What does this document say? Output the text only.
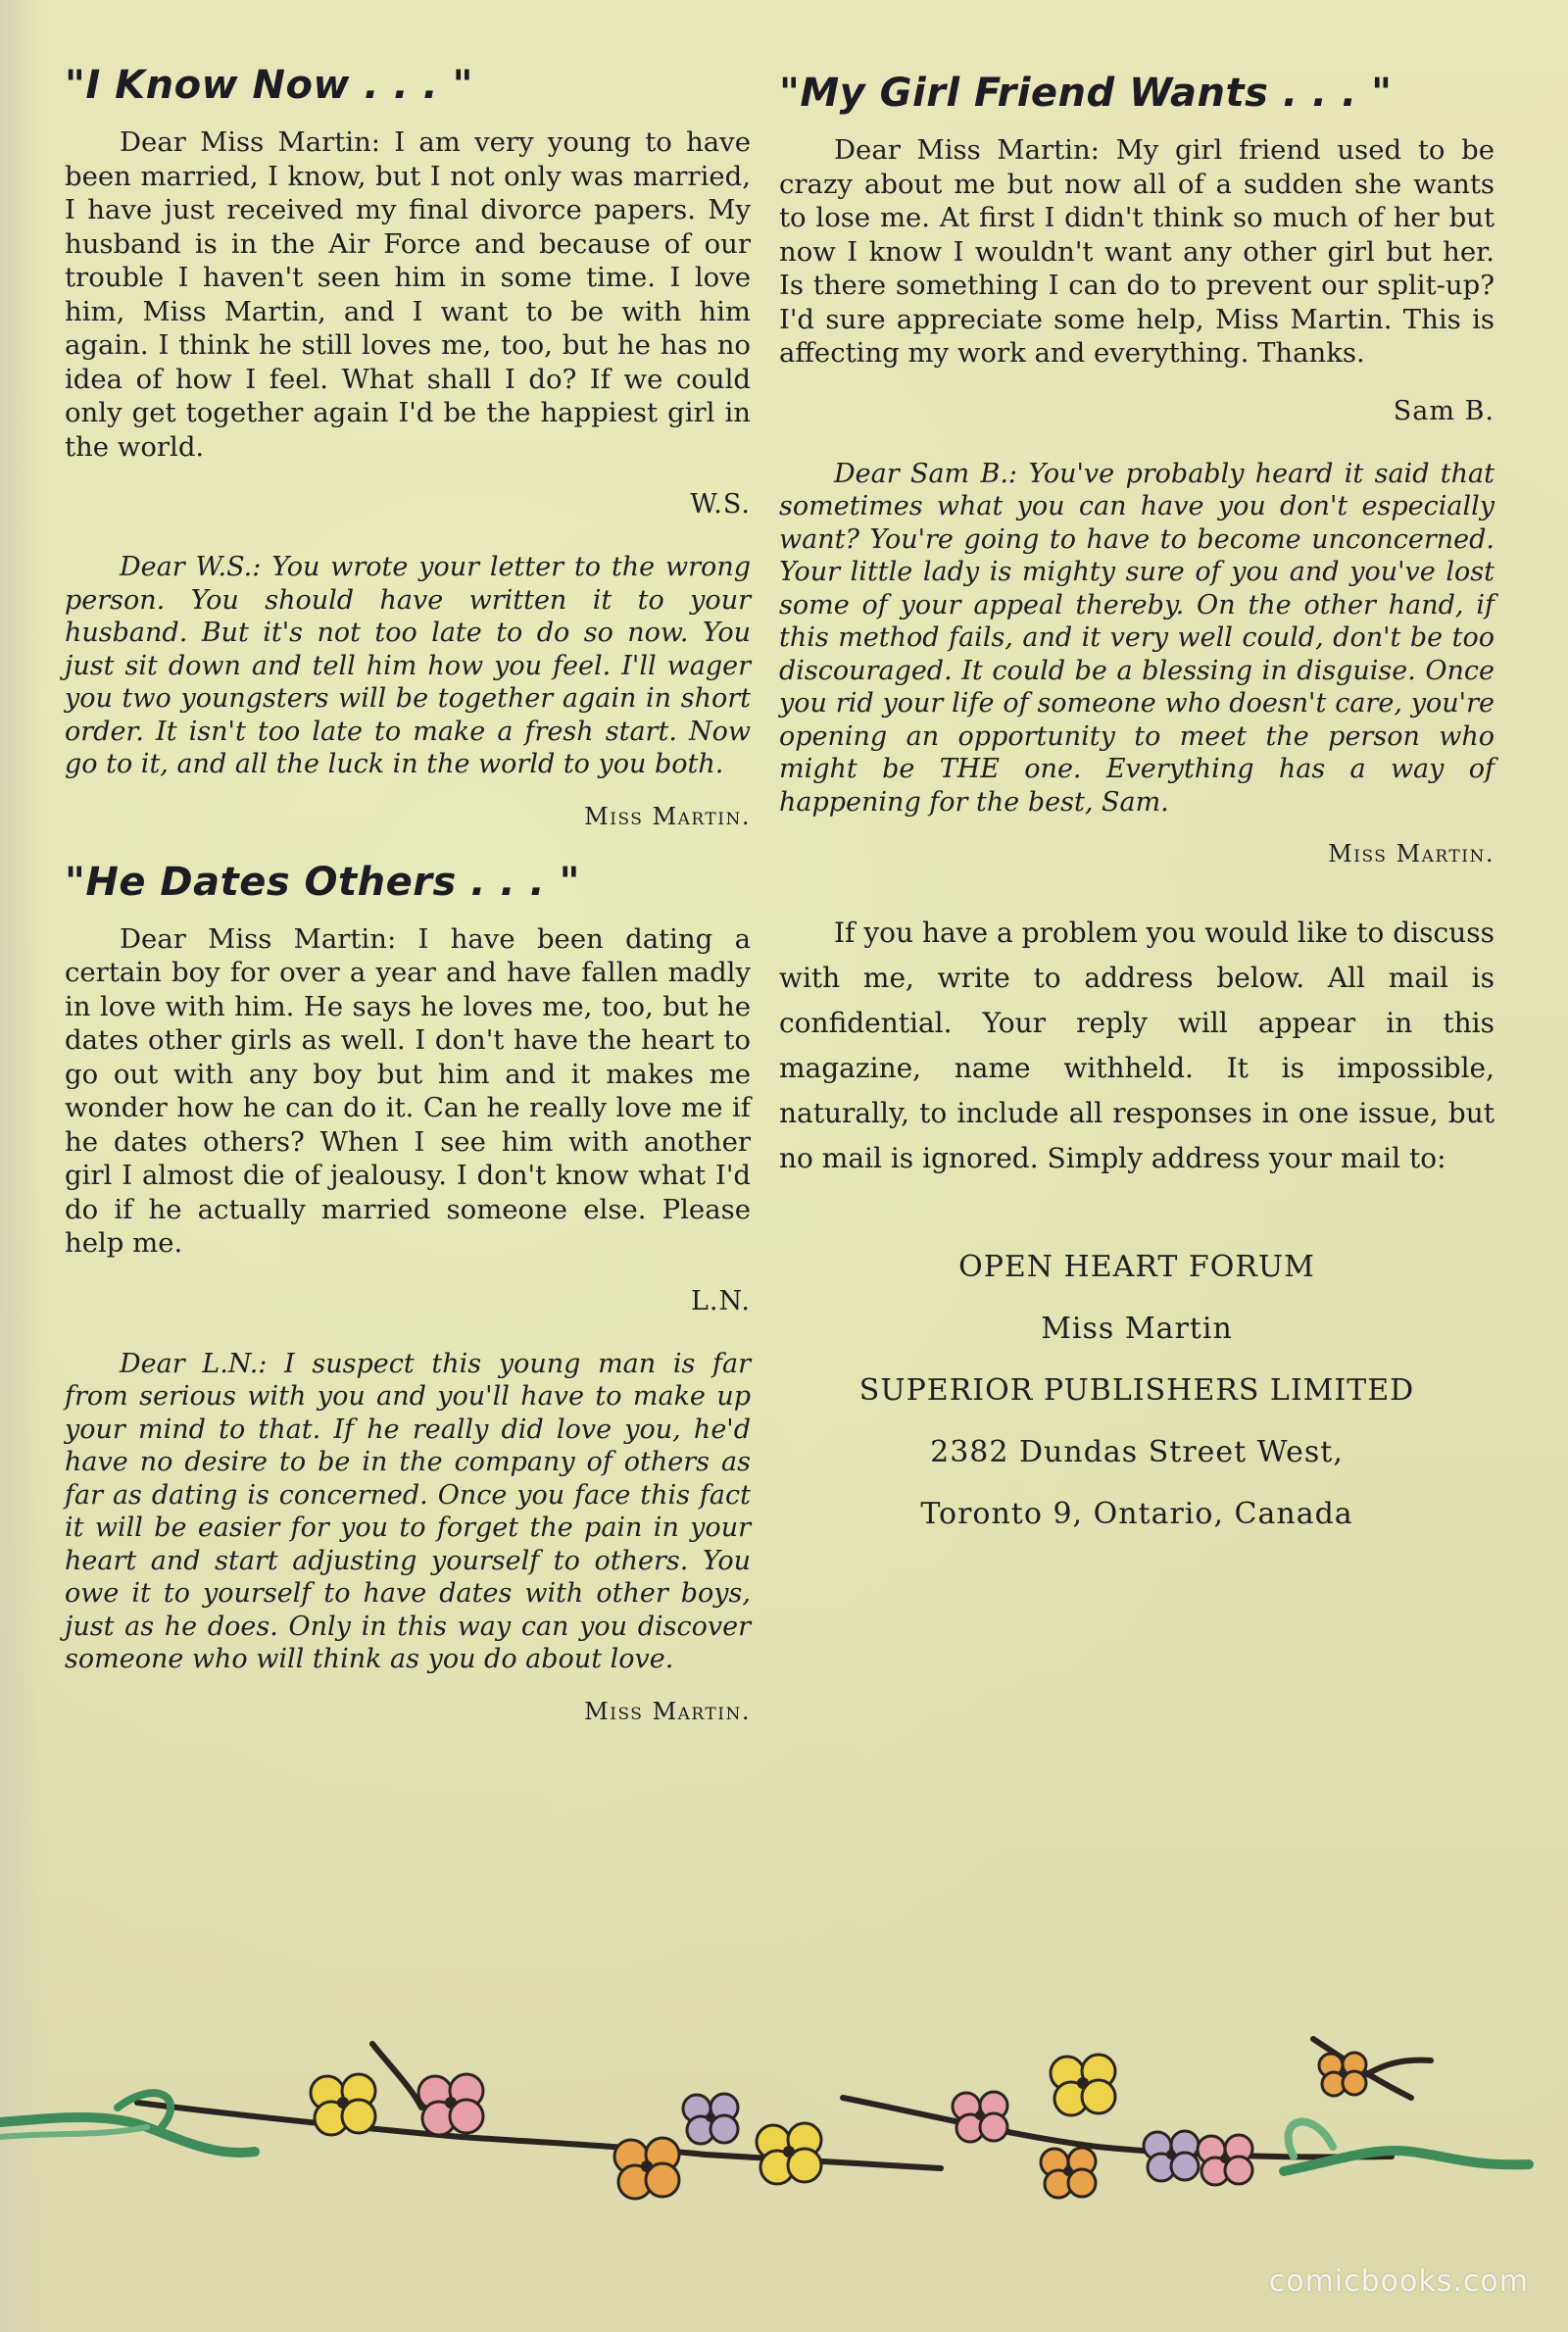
"I Know Now . . . "

Dear Miss Martin: I am very young to have been married, I know, but I not only was married, I have just received my final divorce papers. My husband is in the Air Force and because of our trouble I haven't seen him in some time. I love him, Miss Martin, and I want to be with him again. I think he still loves me, too, but he has no idea of how I feel. What shall I do? If we could only get together again I'd be the happiest girl in the world.

W.S.

Dear W.S.: You wrote your letter to the wrong person. You should have written it to your husband. But it's not too late to do so now. You just sit down and tell him how you feel. I'll wager you two youngsters will be together again in short order. It isn't too late to make a fresh start. Now go to it, and all the luck in the world to you both.

Miss Martin.
"He Dates Others . . . "

Dear Miss Martin: I have been dating a certain boy for over a year and have fallen madly in love with him. He says he loves me, too, but he dates other girls as well. I don't have the heart to go out with any boy but him and it makes me wonder how he can do it. Can he really love me if he dates others? When I see him with another girl I almost die of jealousy. I don't know what I'd do if he actually married someone else. Please help me.

L.N.

Dear L.N.: I suspect this young man is far from serious with you and you'll have to make up your mind to that. If he really did love you, he'd have no desire to be in the company of others as far as dating is concerned. Once you face this fact it will be easier for you to forget the pain in your heart and start adjusting yourself to others. You owe it to yourself to have dates with other boys, just as he does. Only in this way can you discover someone who will think as you do about love.

Miss Martin.
"My Girl Friend Wants . . . "

Dear Miss Martin: My girl friend used to be crazy about me but now all of a sudden she wants to lose me. At first I didn't think so much of her but now I know I wouldn't want any other girl but her. Is there something I can do to prevent our split-up? I'd sure appreciate some help, Miss Martin. This is affecting my work and everything. Thanks.

Sam B.

Dear Sam B.: You've probably heard it said that sometimes what you can have you don't especially want? You're going to have to become unconcerned. Your little lady is mighty sure of you and you've lost some of your appeal thereby. On the other hand, if this method fails, and it very well could, don't be too discouraged. It could be a blessing in disguise. Once you rid your life of someone who doesn't care, you're opening an opportunity to meet the person who might be THE one. Everything has a way of happening for the best, Sam.

Miss Martin.

If you have a problem you would like to discuss with me, write to address below. All mail is confidential. Your reply will appear in this magazine, name withheld. It is impossible, naturally, to include all responses in one issue, but no mail is ignored. Simply address your mail to:

OPEN HEART FORUM
Miss Martin
SUPERIOR PUBLISHERS LIMITED
2382 Dundas Street West,
Toronto 9, Ontario, Canada
comicbooks.com
